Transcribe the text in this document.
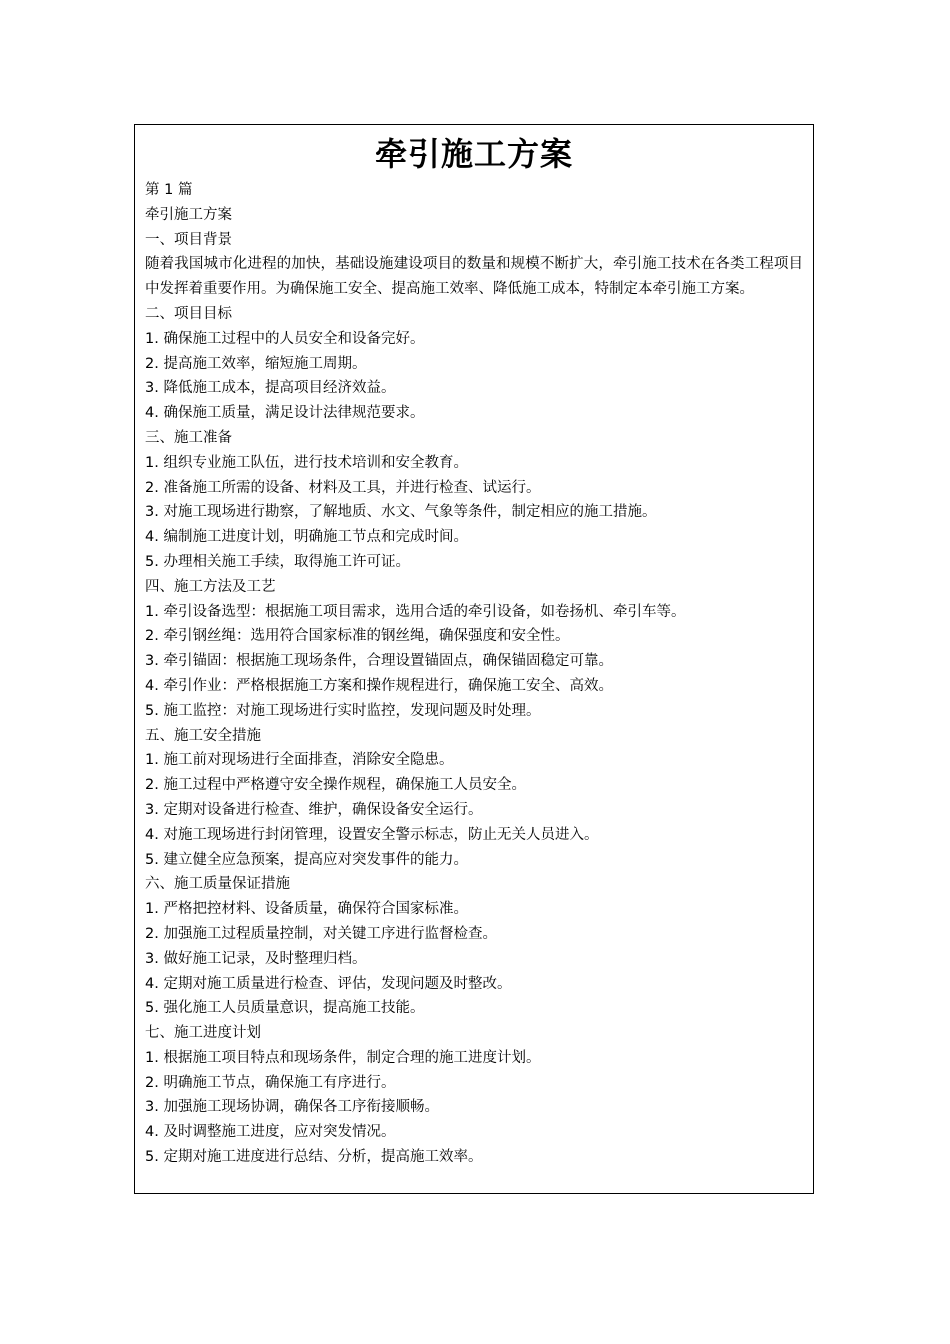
牵引施工方案
第 1 篇
牵引施工方案
一、项目背景
随着我国城市化进程的加快，基础设施建设项目的数量和规模不断扩大，牵引施工技术在各类工程项目中发挥着重要作用。为确保施工安全、提高施工效率、降低施工成本，特制定本牵引施工方案。
二、项目目标
1. 确保施工过程中的人员安全和设备完好。
2. 提高施工效率，缩短施工周期。
3. 降低施工成本，提高项目经济效益。
4. 确保施工质量，满足设计法律规范要求。
三、施工准备
1. 组织专业施工队伍，进行技术培训和安全教育。
2. 准备施工所需的设备、材料及工具，并进行检查、试运行。
3. 对施工现场进行勘察，了解地质、水文、气象等条件，制定相应的施工措施。
4. 编制施工进度计划，明确施工节点和完成时间。
5. 办理相关施工手续，取得施工许可证。
四、施工方法及工艺
1. 牵引设备选型：根据施工项目需求，选用合适的牵引设备，如卷扬机、牵引车等。
2. 牵引钢丝绳：选用符合国家标准的钢丝绳，确保强度和安全性。
3. 牵引锚固：根据施工现场条件，合理设置锚固点，确保锚固稳定可靠。
4. 牵引作业：严格根据施工方案和操作规程进行，确保施工安全、高效。
5. 施工监控：对施工现场进行实时监控，发现问题及时处理。
五、施工安全措施
1. 施工前对现场进行全面排查，消除安全隐患。
2. 施工过程中严格遵守安全操作规程，确保施工人员安全。
3. 定期对设备进行检查、维护，确保设备安全运行。
4. 对施工现场进行封闭管理，设置安全警示标志，防止无关人员进入。
5. 建立健全应急预案，提高应对突发事件的能力。
六、施工质量保证措施
1. 严格把控材料、设备质量，确保符合国家标准。
2. 加强施工过程质量控制，对关键工序进行监督检查。
3. 做好施工记录，及时整理归档。
4. 定期对施工质量进行检查、评估，发现问题及时整改。
5. 强化施工人员质量意识，提高施工技能。
七、施工进度计划
1. 根据施工项目特点和现场条件，制定合理的施工进度计划。
2. 明确施工节点，确保施工有序进行。
3. 加强施工现场协调，确保各工序衔接顺畅。
4. 及时调整施工进度，应对突发情况。
5. 定期对施工进度进行总结、分析，提高施工效率。
